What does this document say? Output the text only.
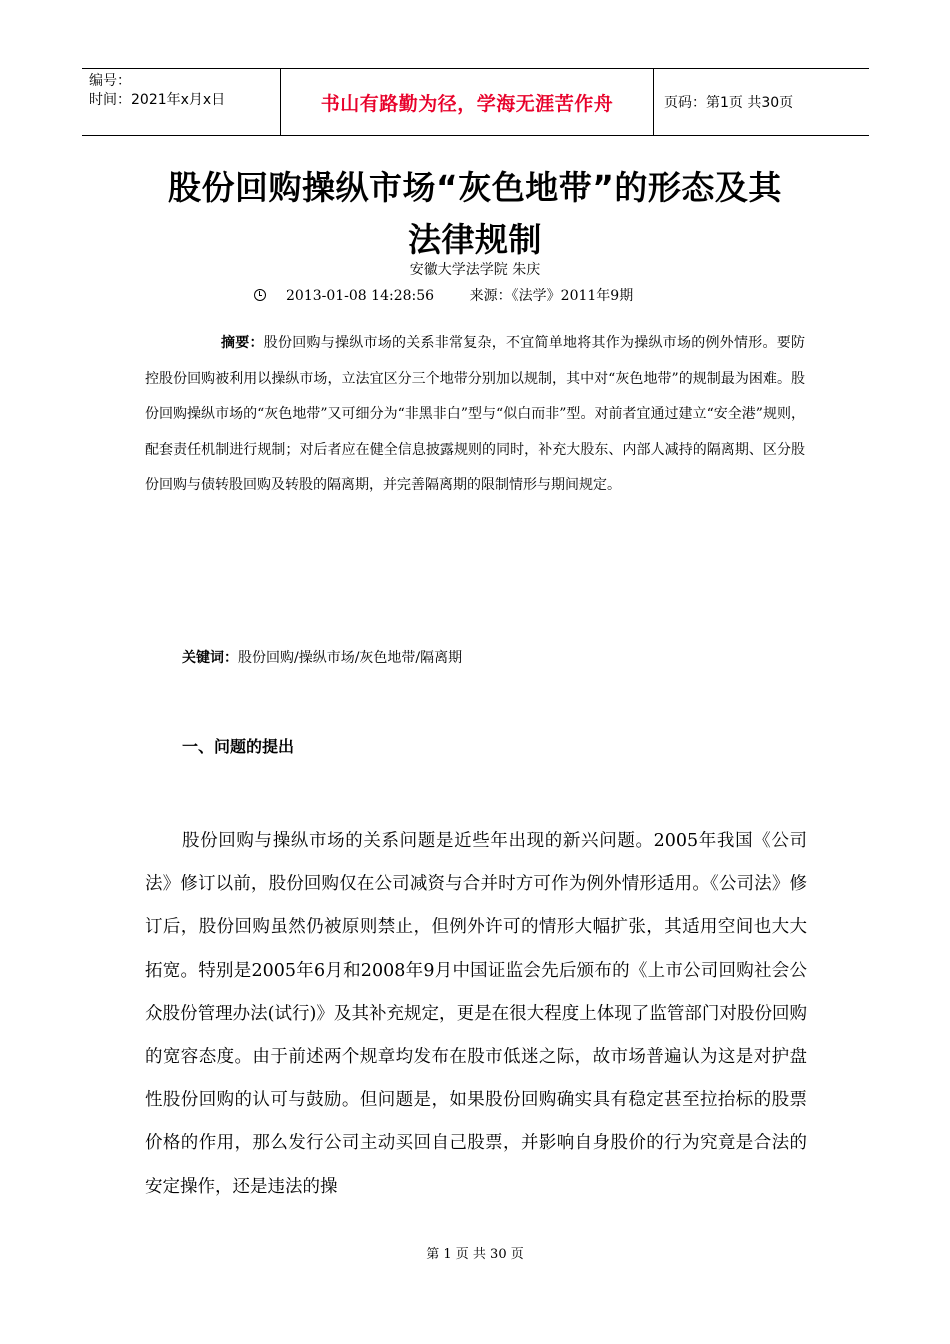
编号：
时间：2021年x月x日	书山有路勤为径，学海无涯苦作舟	页码：第1页 共30页
股份回购操纵市场“灰色地带”的形态及其
法律规制
安徽大学法学院 朱庆
2013-01-08 14:28:56	来源：《法学》2011年9期
摘要：股份回购与操纵市场的关系非常复杂，不宜简单地将其作为操纵市场的例外情形。要防控股份回购被利用以操纵市场，立法宜区分三个地带分别加以规制，其中对“灰色地带”的规制最为困难。股份回购操纵市场的“灰色地带”又可细分为“非黑非白”型与“似白而非”型。对前者宜通过建立“安全港”规则，配套责任机制进行规制；对后者应在健全信息披露规则的同时，补充大股东、内部人减持的隔离期、区分股份回购与债转股回购及转股的隔离期，并完善隔离期的限制情形与期间规定。
关键词：股份回购/操纵市场/灰色地带/隔离期
一、问题的提出
股份回购与操纵市场的关系问题是近些年出现的新兴问题。2005年我国《公司法》修订以前，股份回购仅在公司减资与合并时方可作为例外情形适用。《公司法》修订后，股份回购虽然仍被原则禁止，但例外许可的情形大幅扩张，其适用空间也大大拓宽。特别是2005年6月和2008年9月中国证监会先后颁布的《上市公司回购社会公众股份管理办法(试行)》及其补充规定，更是在很大程度上体现了监管部门对股份回购的宽容态度。由于前述两个规章均发布在股市低迷之际，故市场普遍认为这是对护盘性股份回购的认可与鼓励。但问题是，如果股份回购确实具有稳定甚至拉抬标的股票价格的作用，那么发行公司主动买回自己股票，并影响自身股价的行为究竟是合法的安定操作，还是违法的操
第 1 页 共 30 页
